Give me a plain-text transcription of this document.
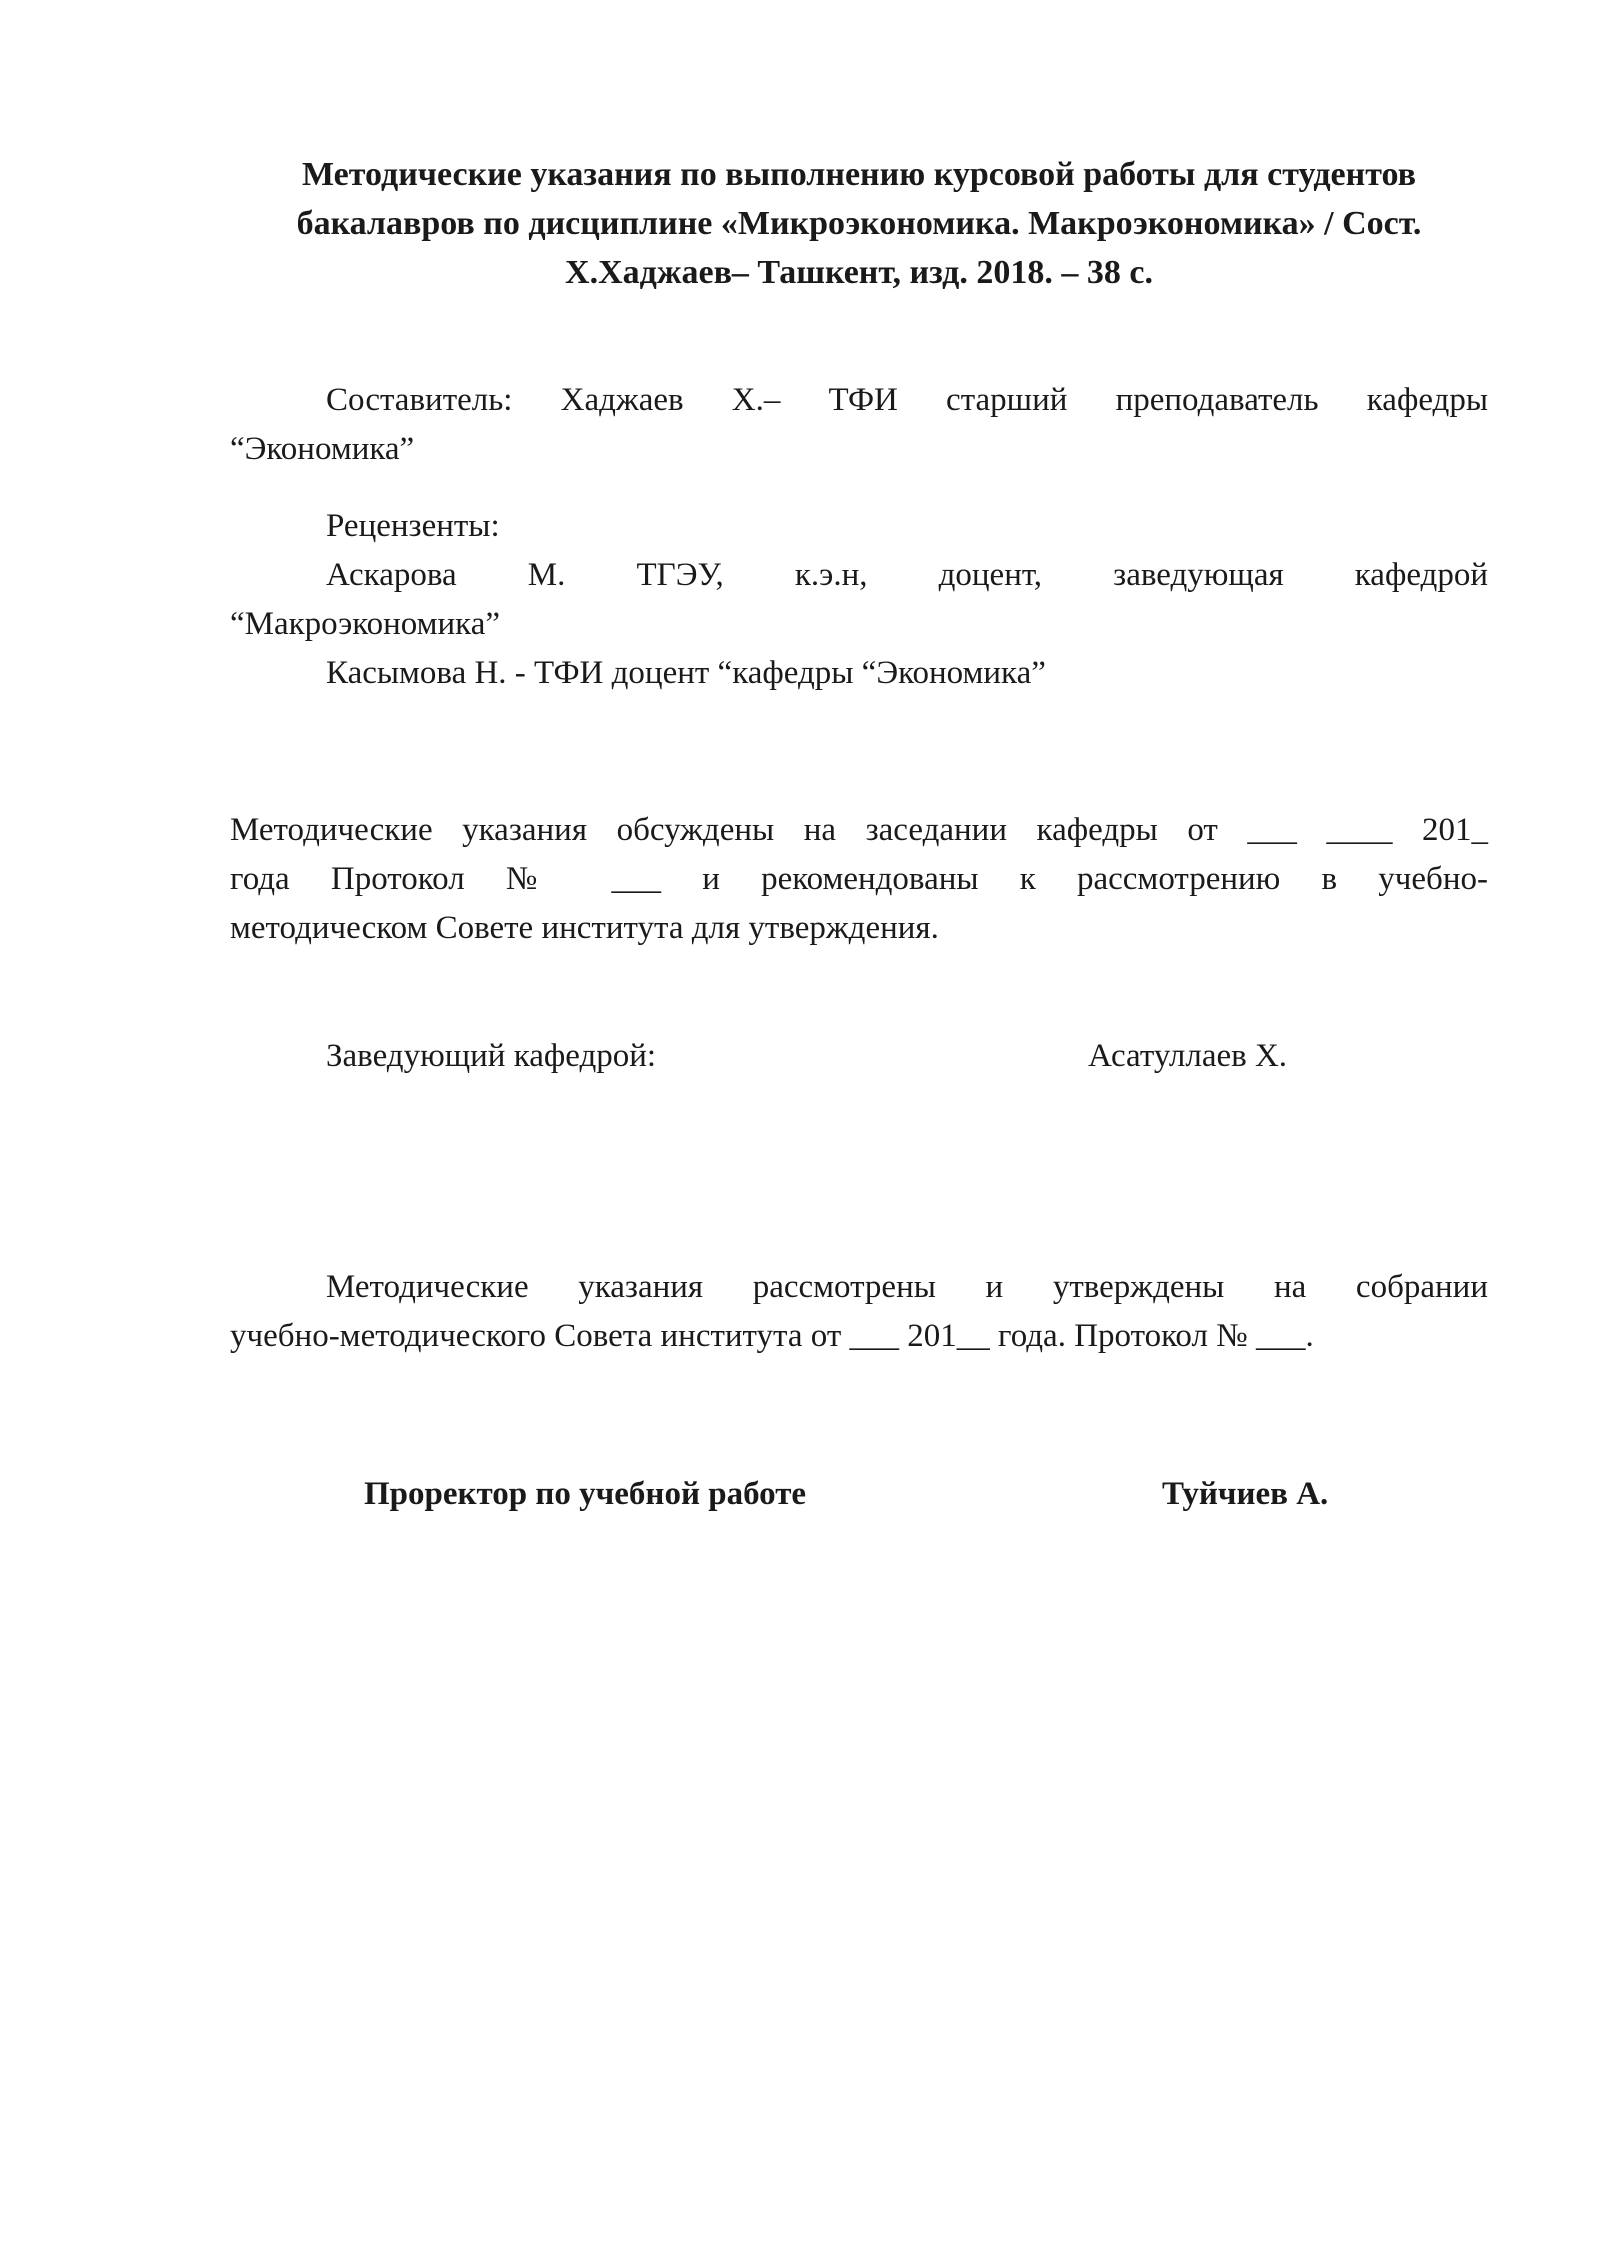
Методические указания по выполнению курсовой работы для студентов
бакалавров по дисциплине «Микроэкономика. Макроэкономика» / Сост.
Х.Хаджаев– Ташкент, изд. 2018. – 38 с.
Составитель: Хаджаев Х.– ТФИ старший преподаватель кафедры
“Экономика”
Рецензенты:
Аскарова М. ТГЭУ, к.э.н, доцент, заведующая кафедрой
“Макроэкономика”
Касымова Н. - ТФИ доцент “кафедры “Экономика”
Методические указания обсуждены на заседании кафедры от ___ ____ 201_
года Протокол № ___ и рекомендованы к рассмотрению в учебно-
методическом Совете института для утверждения.
Заведующий кафедрой:	Асатуллаев Х.
Методические указания рассмотрены и утверждены на собрании
учебно-методического Совета института от ___ 201__ года. Протокол № ___.
Проректор по учебной работе	Туйчиев А.
